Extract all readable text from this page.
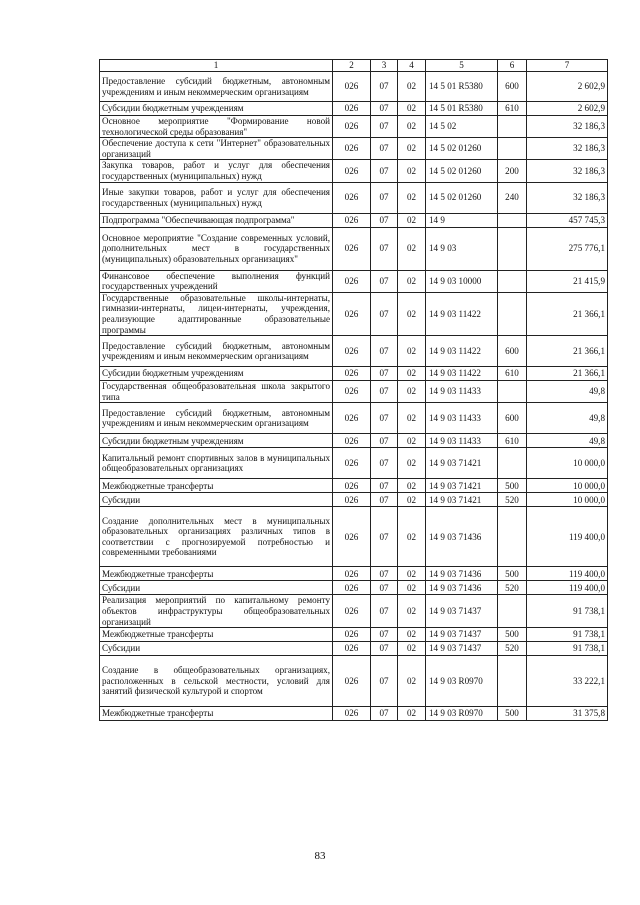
1	2	3	4	5	6	7
Предоставление субсидий бюджетным, автономным учреждениям и иным некоммерческим организациям	026	07	02	14 5 01 R5380	600	2 602,9
Субсидии бюджетным учреждениям	026	07	02	14 5 01 R5380	610	2 602,9
Основное мероприятие "Формирование новой технологической среды образования"	026	07	02	14 5 02		32 186,3
Обеспечение доступа к сети "Интернет" образовательных организаций	026	07	02	14 5 02 01260		32 186,3
Закупка товаров, работ и услуг для обеспечения государственных (муниципальных) нужд	026	07	02	14 5 02 01260	200	32 186,3
Иные закупки товаров, работ и услуг для обеспечения государственных (муниципальных) нужд	026	07	02	14 5 02 01260	240	32 186,3
Подпрограмма "Обеспечивающая подпрограмма"	026	07	02	14 9		457 745,3
Основное мероприятие "Создание современных условий, дополнительных мест в государственных (муниципальных) образовательных организациях"	026	07	02	14 9 03		275 776,1
Финансовое обеспечение выполнения функций государственных учреждений	026	07	02	14 9 03 10000		21 415,9
Государственные образовательные школы-интернаты, гимназии-интернаты, лицеи-интернаты, учреждения, реализующие адаптированные образовательные программы	026	07	02	14 9 03 11422		21 366,1
Предоставление субсидий бюджетным, автономным учреждениям и иным некоммерческим организациям	026	07	02	14 9 03 11422	600	21 366,1
Субсидии бюджетным учреждениям	026	07	02	14 9 03 11422	610	21 366,1
Государственная общеобразовательная школа закрытого типа	026	07	02	14 9 03 11433		49,8
Предоставление субсидий бюджетным, автономным учреждениям и иным некоммерческим организациям	026	07	02	14 9 03 11433	600	49,8
Субсидии бюджетным учреждениям	026	07	02	14 9 03 11433	610	49,8
Капитальный ремонт спортивных залов в муниципальных общеобразовательных организациях	026	07	02	14 9 03 71421		10 000,0
Межбюджетные трансферты	026	07	02	14 9 03 71421	500	10 000,0
Субсидии	026	07	02	14 9 03 71421	520	10 000,0
Создание дополнительных мест в муниципальных образовательных организациях различных типов в соответствии с прогнозируемой потребностью и современными требованиями	026	07	02	14 9 03 71436		119 400,0
Межбюджетные трансферты	026	07	02	14 9 03 71436	500	119 400,0
Субсидии	026	07	02	14 9 03 71436	520	119 400,0
Реализация мероприятий по капитальному ремонту объектов инфраструктуры общеобразовательных организаций	026	07	02	14 9 03 71437		91 738,1
Межбюджетные трансферты	026	07	02	14 9 03 71437	500	91 738,1
Субсидии	026	07	02	14 9 03 71437	520	91 738,1
Создание в общеобразовательных организациях, расположенных в сельской местности, условий для занятий физической культурой и спортом	026	07	02	14 9 03 R0970		33 222,1
Межбюджетные трансферты	026	07	02	14 9 03 R0970	500	31 375,8
83
